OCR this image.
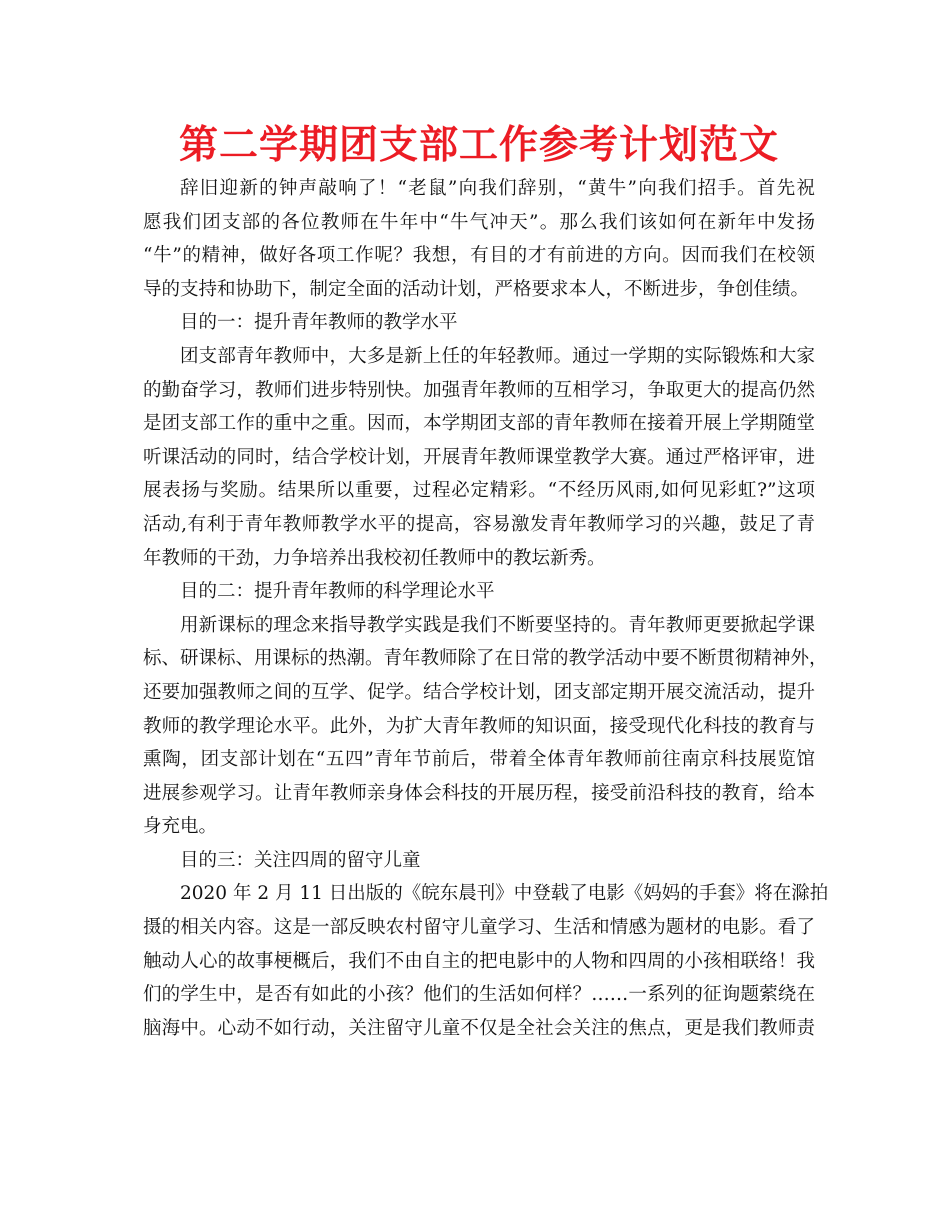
第二学期团支部工作参考计划范文
辞旧迎新的钟声敲响了！“老鼠”向我们辞别，“黄牛”向我们招手。首先祝
愿我们团支部的各位教师在牛年中“牛气冲天”。那么我们该如何在新年中发扬
“牛”的精神，做好各项工作呢？我想，有目的才有前进的方向。因而我们在校领
导的支持和协助下，制定全面的活动计划，严格要求本人，不断进步，争创佳绩。
目的一：提升青年教师的教学水平
团支部青年教师中，大多是新上任的年轻教师。通过一学期的实际锻炼和大家
的勤奋学习，教师们进步特别快。加强青年教师的互相学习，争取更大的提高仍然
是团支部工作的重中之重。因而，本学期团支部的青年教师在接着开展上学期随堂
听课活动的同时，结合学校计划，开展青年教师课堂教学大赛。通过严格评审，进
展表扬与奖励。结果所以重要，过程必定精彩。“不经历风雨,如何见彩虹?”这项
活动,有利于青年教师教学水平的提高，容易激发青年教师学习的兴趣，鼓足了青
年教师的干劲，力争培养出我校初任教师中的教坛新秀。
目的二：提升青年教师的科学理论水平
用新课标的理念来指导教学实践是我们不断要坚持的。青年教师更要掀起学课
标、研课标、用课标的热潮。青年教师除了在日常的教学活动中要不断贯彻精神外，
还要加强教师之间的互学、促学。结合学校计划，团支部定期开展交流活动，提升
教师的教学理论水平。此外，为扩大青年教师的知识面，接受现代化科技的教育与
熏陶，团支部计划在“五四”青年节前后，带着全体青年教师前往南京科技展览馆
进展参观学习。让青年教师亲身体会科技的开展历程，接受前沿科技的教育，给本
身充电。
目的三：关注四周的留守儿童
2020 年 2 月 11 日出版的《皖东晨刊》中登载了电影《妈妈的手套》将在滁拍
摄的相关内容。这是一部反映农村留守儿童学习、生活和情感为题材的电影。看了
触动人心的故事梗概后，我们不由自主的把电影中的人物和四周的小孩相联络！我
们的学生中，是否有如此的小孩？他们的生活如何样？……一系列的征询题萦绕在
脑海中。心动不如行动，关注留守儿童不仅是全社会关注的焦点，更是我们教师责
